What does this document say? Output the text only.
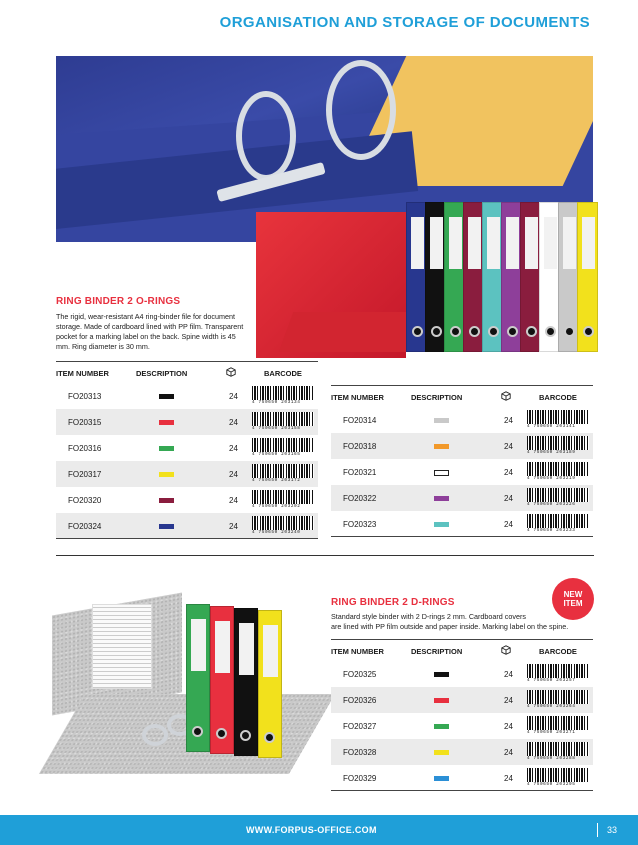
ORGANISATION AND STORAGE OF DOCUMENTS
RING BINDER 2 O-RINGS
The rigid, wear-resistant A4 ring-binder file for document
storage. Made of cardboard lined with PP film. Transparent
pocket for a marking label on the back. Spine width is 45
mm. Ring diameter is 30 mm.
ITEM NUMBER	DESCRIPTION	BARCODE
FO20313	24
4 750650 203134
FO20315	24
4 750650 203158
FO20316	24
4 750650 203165
FO20317	24
4 750650 203172
FO20320	24
4 750650 203202
FO20324	24
4 750650 203240
ITEM NUMBER	DESCRIPTION	BARCODE
FO20314	24
4 750650 203141
FO20318	24
4 750650 203189
FO20321	24
4 750650 203219
FO20322	24
4 750650 203226
FO20323	24
4 750650 203233
NEW
ITEM
RING BINDER 2 D-RINGS
Standard style binder with 2 D-rings 2 mm. Cardboard covers
are lined with PP film outside and paper inside. Marking label on the spine.
ITEM NUMBER	DESCRIPTION	BARCODE
FO20325	24
4 750650 203257
FO20326	24
4 750650 203264
FO20327	24
4 750650 203271
FO20328	24
4 750650 203288
FO20329	24
4 750650 203295
WWW.FORPUS-OFFICE.COM	33
